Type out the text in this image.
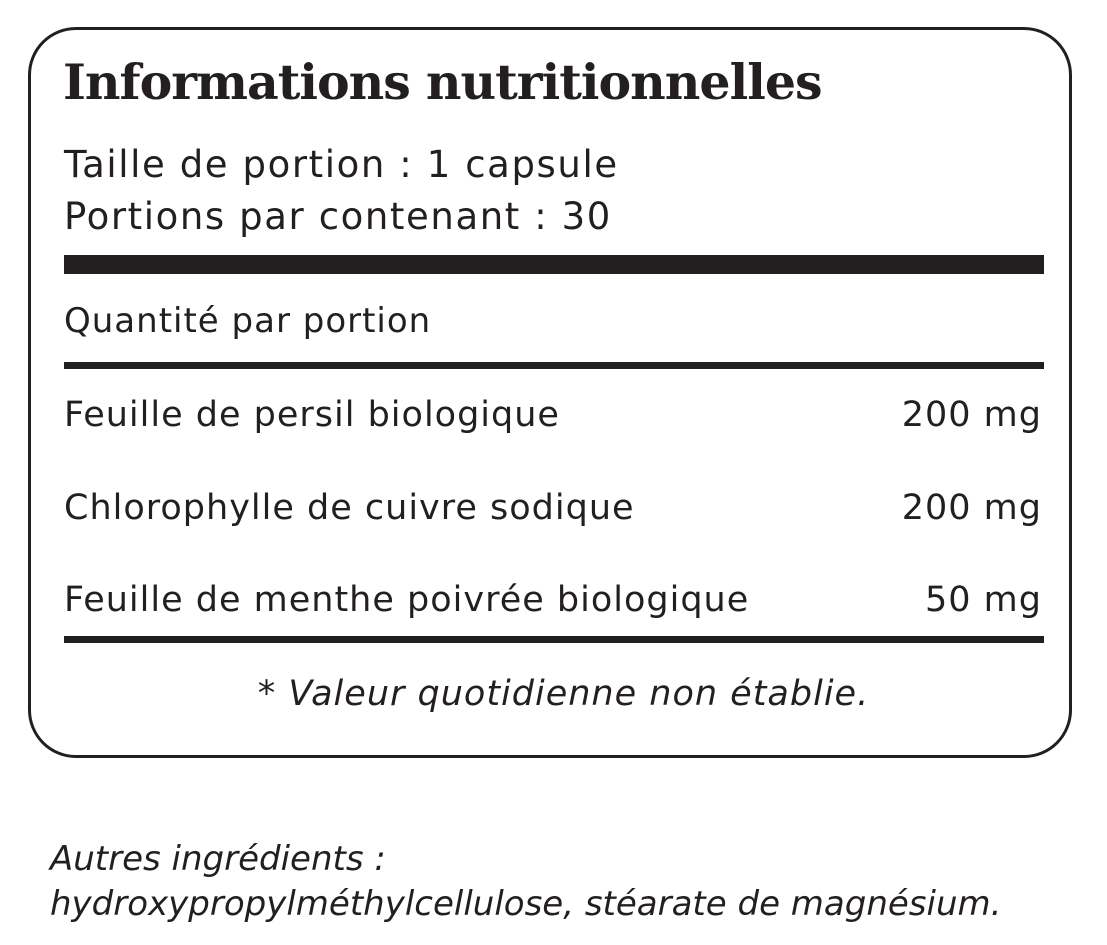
Informations nutritionnelles
Taille de portion : 1 capsule
Portions par contenant : 30
Quantité par portion
Feuille de persil biologique	200 mg
Chlorophylle de cuivre sodique	200 mg
Feuille de menthe poivrée biologique	50 mg
* Valeur quotidienne non établie.
Autres ingrédients :
hydroxypropylméthylcellulose, stéarate de magnésium.
